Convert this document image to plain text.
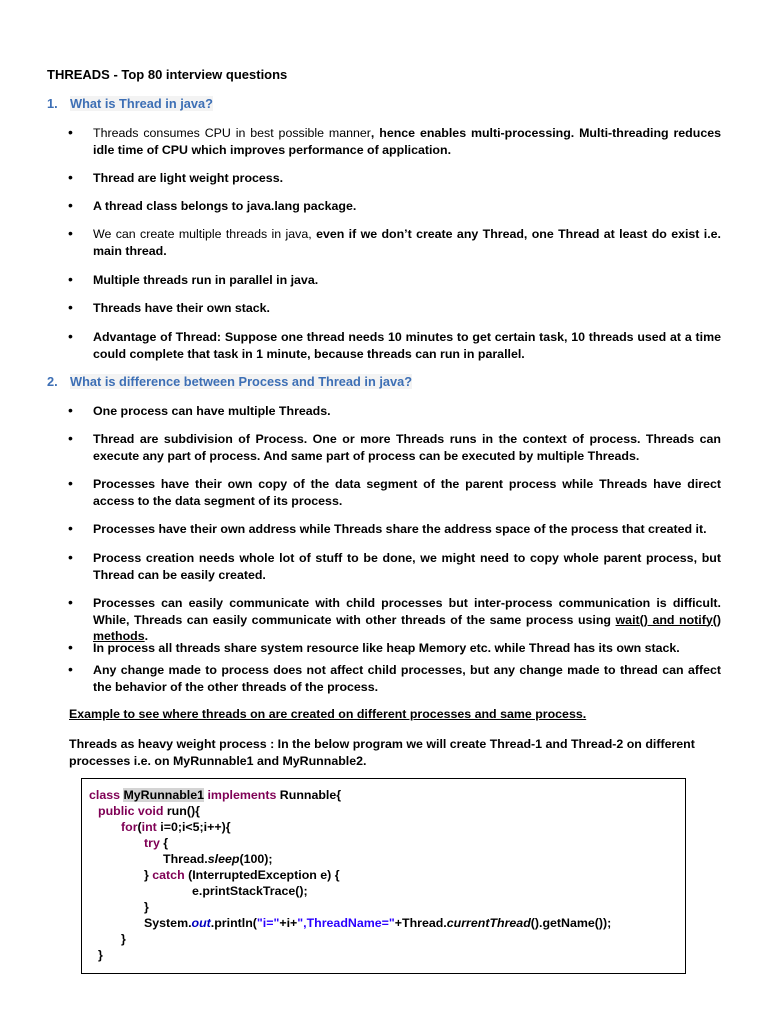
THREADS - Top 80 interview questions
1. What is Thread in java?
• Threads consumes CPU in best possible manner, hence enables multi-processing. Multi-threading reduces idle time of CPU which improves performance of application.
• Thread are light weight process.
• A thread class belongs to java.lang package.
• We can create multiple threads in java, even if we don’t create any Thread, one Thread at least do exist i.e. main thread.
• Multiple threads run in parallel in java.
• Threads have their own stack.
• Advantage of Thread: Suppose one thread needs 10 minutes to get certain task, 10 threads used at a time could complete that task in 1 minute, because threads can run in parallel.
2. What is difference between Process and Thread in java?
• One process can have multiple Threads.
• Thread are subdivision of Process. One or more Threads runs in the context of process. Threads can execute any part of process. And same part of process can be executed by multiple Threads.
• Processes have their own copy of the data segment of the parent process while Threads have direct access to the data segment of its process.
• Processes have their own address while Threads share the address space of the process that created it.
• Process creation needs whole lot of stuff to be done, we might need to copy whole parent process, but Thread can be easily created.
• Processes can easily communicate with child processes but inter-process communication is difficult. While, Threads can easily communicate with other threads of the same process using wait() and notify() methods.
• In process all threads share system resource like heap Memory etc. while Thread has its own stack.
• Any change made to process does not affect child processes, but any change made to thread can affect the behavior of the other threads of the process.
Example to see where threads on are created on different processes and same process.
Threads as heavy weight process : In the below program we will create Thread-1 and Thread-2 on different processes i.e. on MyRunnable1 and MyRunnable2.
class MyRunnable1 implements Runnable{
public void run(){
for(int i=0;i<5;i++){
try {
Thread.sleep(100);
} catch (InterruptedException e) {
e.printStackTrace();
}
System.out.println("i="+i+",ThreadName="+Thread.currentThread().getName());
}
}
